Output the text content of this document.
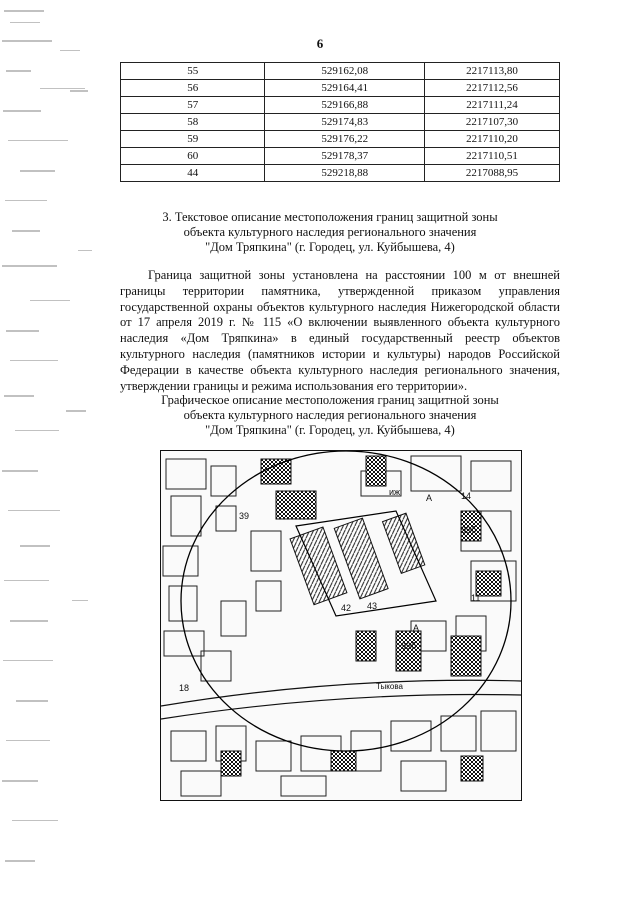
6
55	529162,08	2217113,80
56	529164,41	2217112,56
57	529166,88	2217111,24
58	529174,83	2217107,30
59	529176,22	2217110,20
60	529178,37	2217110,51
44	529218,88	2217088,95
3. Текстовое описание местоположения границ защитной зоны
объекта культурного наследия регионального значения
"Дом Тряпкина" (г. Городец, ул. Куйбышева, 4)
Граница защитной зоны установлена на расстоянии 100 м от внешней границы территории памятника, утвержденной приказом управления государственной охраны объектов культурного наследия Нижегородской области от 17 апреля 2019 г. № 115 «О включении выявленного объекта культурного наследия «Дом Тряпкина» в единый государственный реестр объектов культурного наследия (памятников истории и культуры) народов Российской Федерации в качестве объекта культурного наследия регионального значения, утверждении границы и режима использования его территории».
Графическое описание местоположения границ защитной зоны
объекта культурного наследия регионального значения
"Дом Тряпкина" (г. Городец, ул. Куйбышева, 4)
иж
99б
99б
39
42 43
11
14
18
А
А
Тыкова
